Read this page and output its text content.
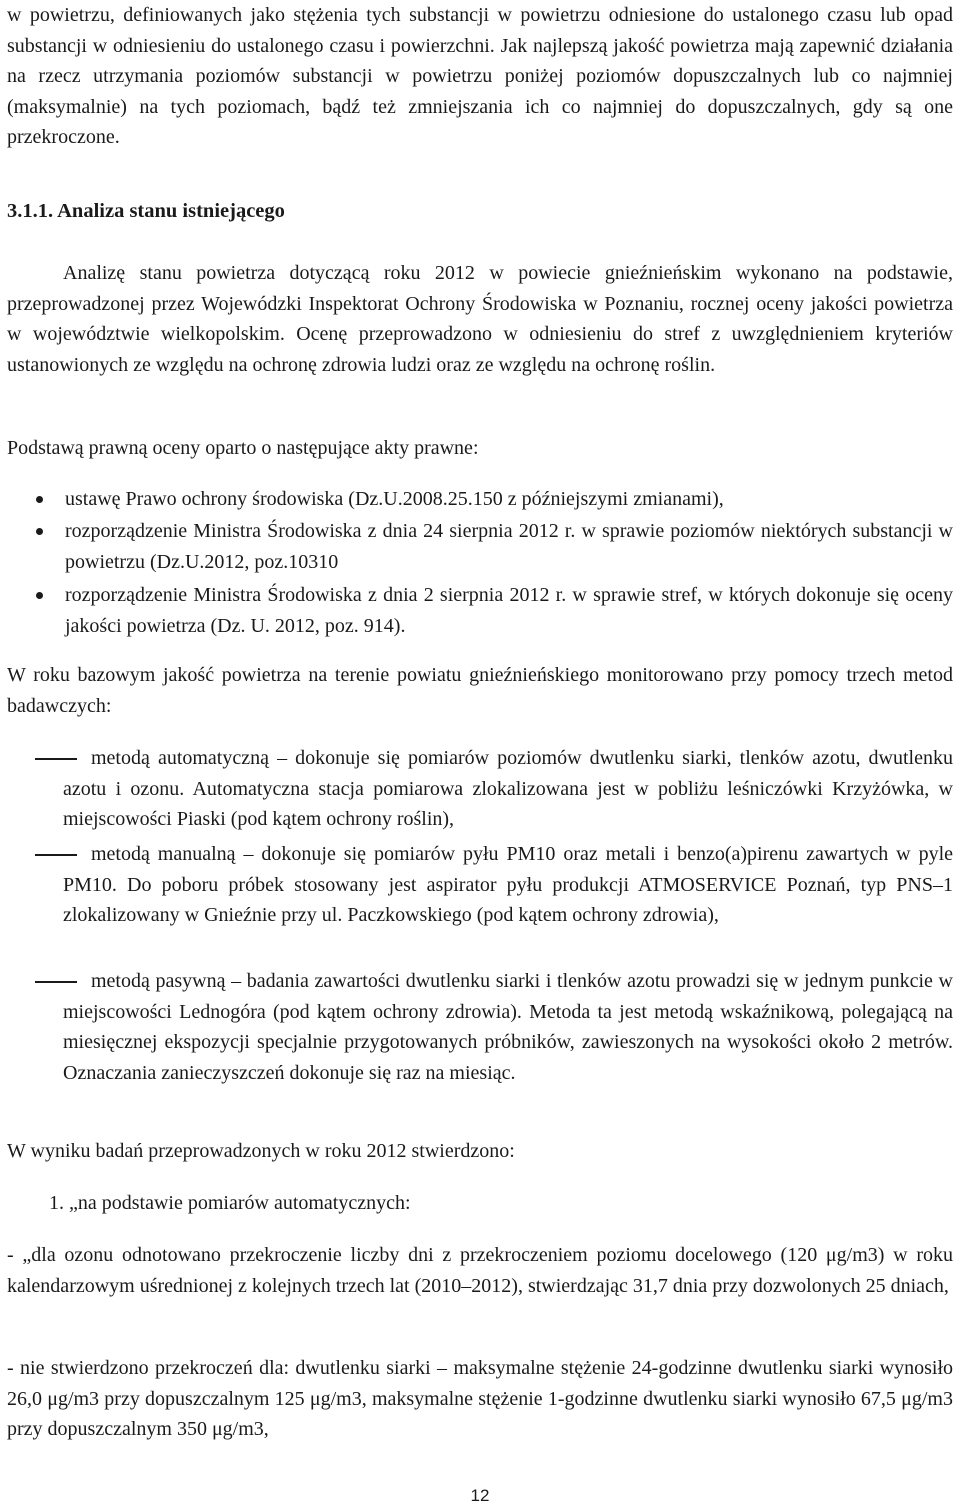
w powietrzu, definiowanych jako stężenia tych substancji w powietrzu odniesione do ustalonego czasu lub opad substancji w odniesieniu do ustalonego czasu i powierzchni. Jak najlepszą jakość powietrza mają zapewnić działania na rzecz utrzymania poziomów substancji w powietrzu poniżej poziomów dopuszczalnych lub co najmniej (maksymalnie) na tych poziomach, bądź też zmniejszania ich co najmniej do dopuszczalnych, gdy są one przekroczone.

3.1.1. Analiza stanu istniejącego

Analizę stanu powietrza dotyczącą roku 2012 w powiecie gnieźnieńskim wykonano na podstawie, przeprowadzonej przez Wojewódzki Inspektorat Ochrony Środowiska w Poznaniu, rocznej oceny jakości powietrza w województwie wielkopolskim. Ocenę przeprowadzono w odniesieniu do stref z uwzględnieniem kryteriów ustanowionych ze względu na ochronę zdrowia ludzi oraz ze względu na ochronę roślin.

Podstawą prawną oceny oparto o następujące akty prawne:

ustawę Prawo ochrony środowiska (Dz.U.2008.25.150 z późniejszymi zmianami),

rozporządzenie Ministra Środowiska z dnia 24 sierpnia 2012 r. w sprawie poziomów niektórych substancji w powietrzu (Dz.U.2012, poz.10310

rozporządzenie Ministra Środowiska z dnia 2 sierpnia 2012 r. w sprawie stref, w których dokonuje się oceny jakości powietrza (Dz. U. 2012, poz. 914).

W roku bazowym jakość powietrza na terenie powiatu gnieźnieńskiego monitorowano przy pomocy trzech metod badawczych:

metodą automatyczną – dokonuje się pomiarów poziomów dwutlenku siarki, tlenków azotu, dwutlenku azotu i ozonu. Automatyczna stacja pomiarowa zlokalizowana jest w pobliżu leśniczówki Krzyżówka, w miejscowości Piaski (pod kątem ochrony roślin),

metodą manualną – dokonuje się pomiarów pyłu PM10 oraz metali i benzo(a)pirenu zawartych w pyle PM10. Do poboru próbek stosowany jest aspirator pyłu produkcji ATMOSERVICE Poznań, typ PNS–1 zlokalizowany w Gnieźnie przy ul. Paczkowskiego (pod kątem ochrony zdrowia),

metodą pasywną – badania zawartości dwutlenku siarki i tlenków azotu prowadzi się w jednym punkcie w miejscowości Lednogóra (pod kątem ochrony zdrowia). Metoda ta jest metodą wskaźnikową, polegającą na miesięcznej ekspozycji specjalnie przygotowanych próbników, zawieszonych na wysokości około 2 metrów. Oznaczania zanieczyszczeń dokonuje się raz na miesiąc.

W wyniku badań przeprowadzonych w roku 2012 stwierdzono:

1. „na podstawie pomiarów automatycznych:

- „dla ozonu odnotowano przekroczenie liczby dni z przekroczeniem poziomu docelowego (120 μg/m3) w roku kalendarzowym uśrednionej z kolejnych trzech lat (2010–2012), stwierdzając 31,7 dnia przy dozwolonych 25 dniach,

- nie stwierdzono przekroczeń dla: dwutlenku siarki – maksymalne stężenie 24-godzinne dwutlenku siarki wynosiło 26,0 μg/m3 przy dopuszczalnym 125 μg/m3, maksymalne stężenie 1-godzinne dwutlenku siarki wynosiło 67,5 μg/m3 przy dopuszczalnym 350 μg/m3,

12
